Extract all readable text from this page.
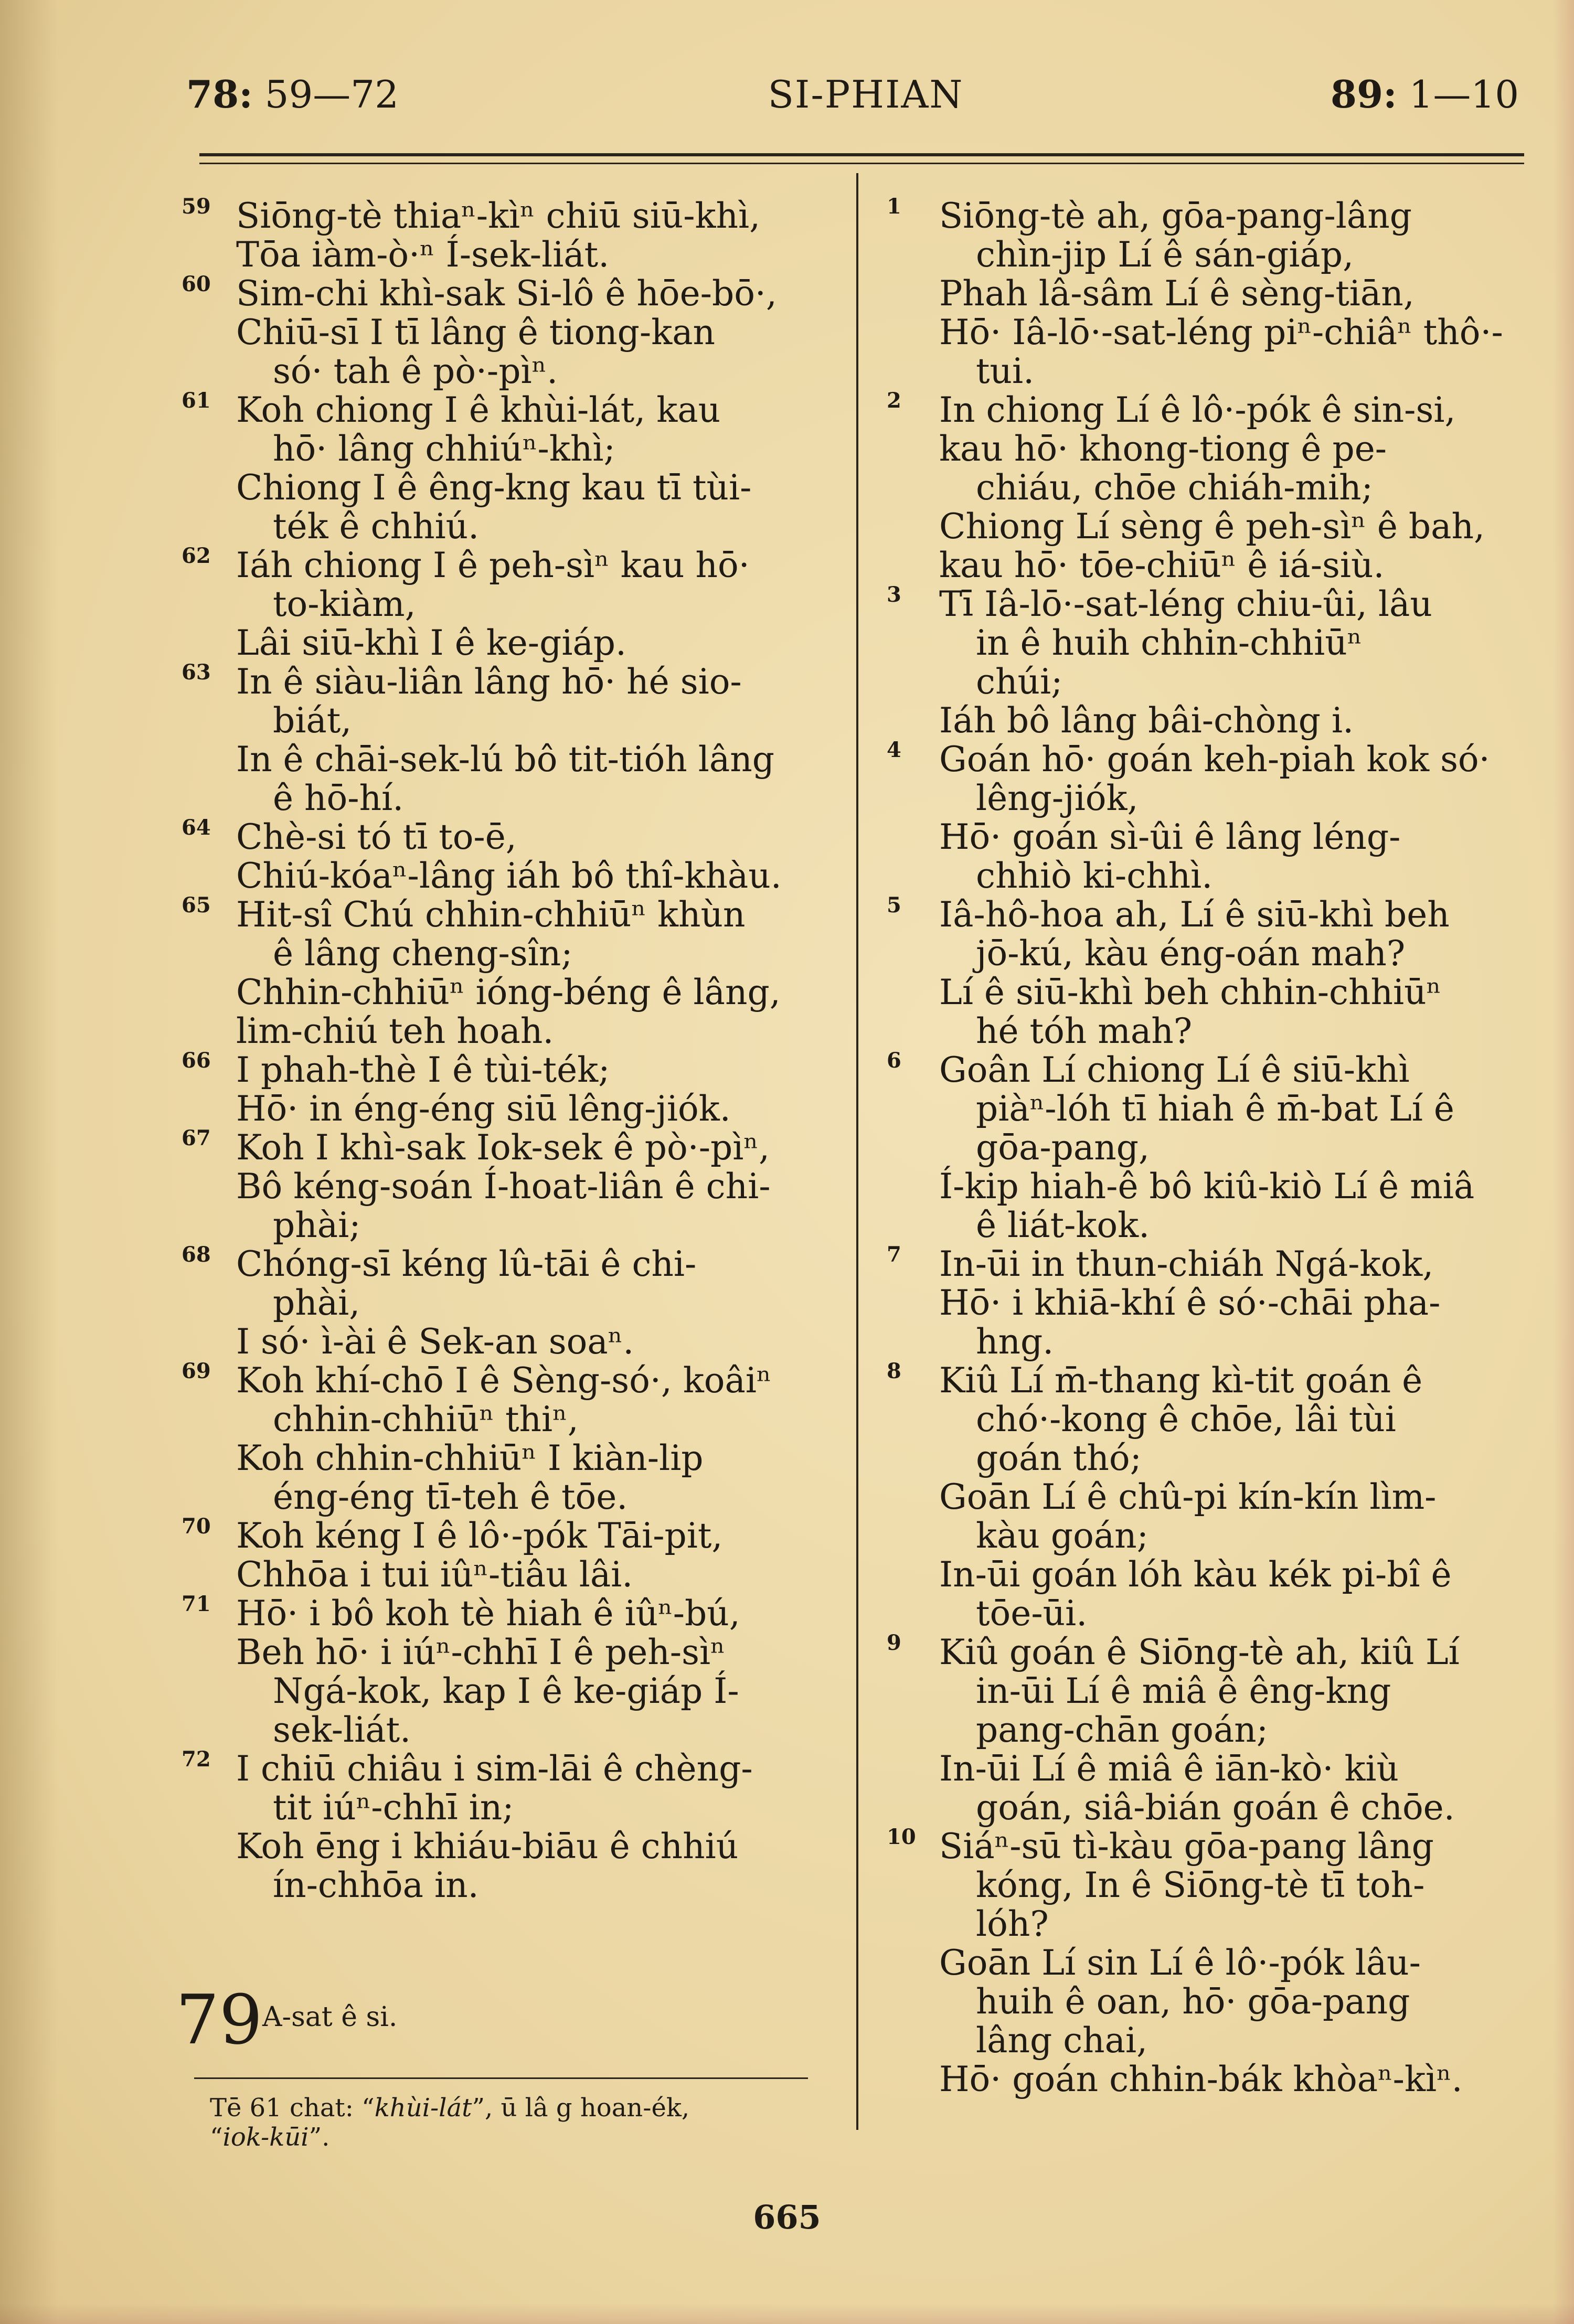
78: 59—72	SI-PHIAN	89: 1—10
59 Siōng-tè thiaⁿ-kìⁿ chiū siū-khì,
Tōa iàm-ò·ⁿ Í-sek-liát.
60 Sim-chi khì-sak Si-lô ê hōe-bō·,
Chiū-sī I tī lâng ê tiong-kan
só· tah ê pò·-pìⁿ.
61 Koh chiong I ê khùi-lát, kau
hō· lâng chhiúⁿ-khì;
Chiong I ê êng-kng kau tī tùi-
ték ê chhiú.
62 Iáh chiong I ê peh-sìⁿ kau hō·
to-kiàm,
Lâi siū-khì I ê ke-giáp.
63 In ê siàu-liân lâng hō· hé sio-
biát,
In ê chāi-sek-lú bô tit-tióh lâng
ê hō-hí.
64 Chè-si tó tī to-ē,
Chiú-kóaⁿ-lâng iáh bô thî-khàu.
65 Hit-sî Chú chhin-chhiūⁿ khùn
ê lâng cheng-sîn;
Chhin-chhiūⁿ ióng-béng ê lâng,
lim-chiú teh hoah.
66 I phah-thè I ê tùi-ték;
Hō· in éng-éng siū lêng-jiók.
67 Koh I khì-sak Iok-sek ê pò·-pìⁿ,
Bô kéng-soán Í-hoat-liân ê chi-
phài;
68 Chóng-sī kéng lû-tāi ê chi-
phài,
I só· ì-ài ê Sek-an soaⁿ.
69 Koh khí-chō I ê Sèng-só·, koâiⁿ
chhin-chhiūⁿ thiⁿ,
Koh chhin-chhiūⁿ I kiàn-lip
éng-éng tī-teh ê tōe.
70 Koh kéng I ê lô·-pók Tāi-pit,
Chhōa i tui iûⁿ-tiâu lâi.
71 Hō· i bô koh tè hiah ê iûⁿ-bú,
Beh hō· i iúⁿ-chhī I ê peh-sìⁿ
Ngá-kok, kap I ê ke-giáp Í-
sek-liát.
72 I chiū chiâu i sim-lāi ê chèng-
tit iúⁿ-chhī in;
Koh ēng i khiáu-biāu ê chhiú
ín-chhōa in.
1	Siōng-tè ah, gōa-pang-lâng
chìn-jip Lí ê sán-giáp,
Phah lâ-sâm Lí ê sèng-tiān,
Hō· Iâ-lō·-sat-léng piⁿ-chiâⁿ thô·-
tui.
2	In chiong Lí ê lô·-pók ê sin-si,
kau hō· khong-tiong ê pe-
chiáu, chōe chiáh-mih;
Chiong Lí sèng ê peh-sìⁿ ê bah,
kau hō· tōe-chiūⁿ ê iá-siù.
3	Tī Iâ-lō·-sat-léng chiu-ûi, lâu
in ê huih chhin-chhiūⁿ
chúi;
Iáh bô lâng bâi-chòng i.
4	Goán hō· goán keh-piah kok só·
lêng-jiók,
Hō· goán sì-ûi ê lâng léng-
chhiò ki-chhì.
5	Iâ-hô-hoa ah, Lí ê siū-khì beh
jō-kú, kàu éng-oán mah?
Lí ê siū-khì beh chhin-chhiūⁿ
hé tóh mah?
6	Goân Lí chiong Lí ê siū-khì
piàⁿ-lóh tī hiah ê m̄-bat Lí ê
gōa-pang,
Í-kip hiah-ê bô kiû-kiò Lí ê miâ
ê liát-kok.
7	In-ūi in thun-chiáh Ngá-kok,
Hō· i khiā-khí ê só·-chāi pha-
hng.
8	Kiû Lí m̄-thang kì-tit goán ê
chó·-kong ê chōe, lâi tùi
goán thó;
Goān Lí ê chû-pi kín-kín lìm-
kàu goán;
In-ūi goán lóh kàu kék pi-bî ê
tōe-ūi.
9	Kiû goán ê Siōng-tè ah, kiû Lí
in-ūi Lí ê miâ ê êng-kng
pang-chān goán;
In-ūi Lí ê miâ ê iān-kò· kiù
goán, siâ-bián goán ê chōe.
10 Siáⁿ-sū tì-kàu gōa-pang lâng
kóng, In ê Siōng-tè tī toh-
lóh?
Goān Lí sin Lí ê lô·-pók lâu-
huih ê oan, hō· gōa-pang
lâng chai,
Hō· goán chhin-bák khòaⁿ-kìⁿ.
79 A-sat ê si.
Tē 61 chat: “khùi-lát”, ū lâ g hoan-ék,
“iok-kūi”.
665
